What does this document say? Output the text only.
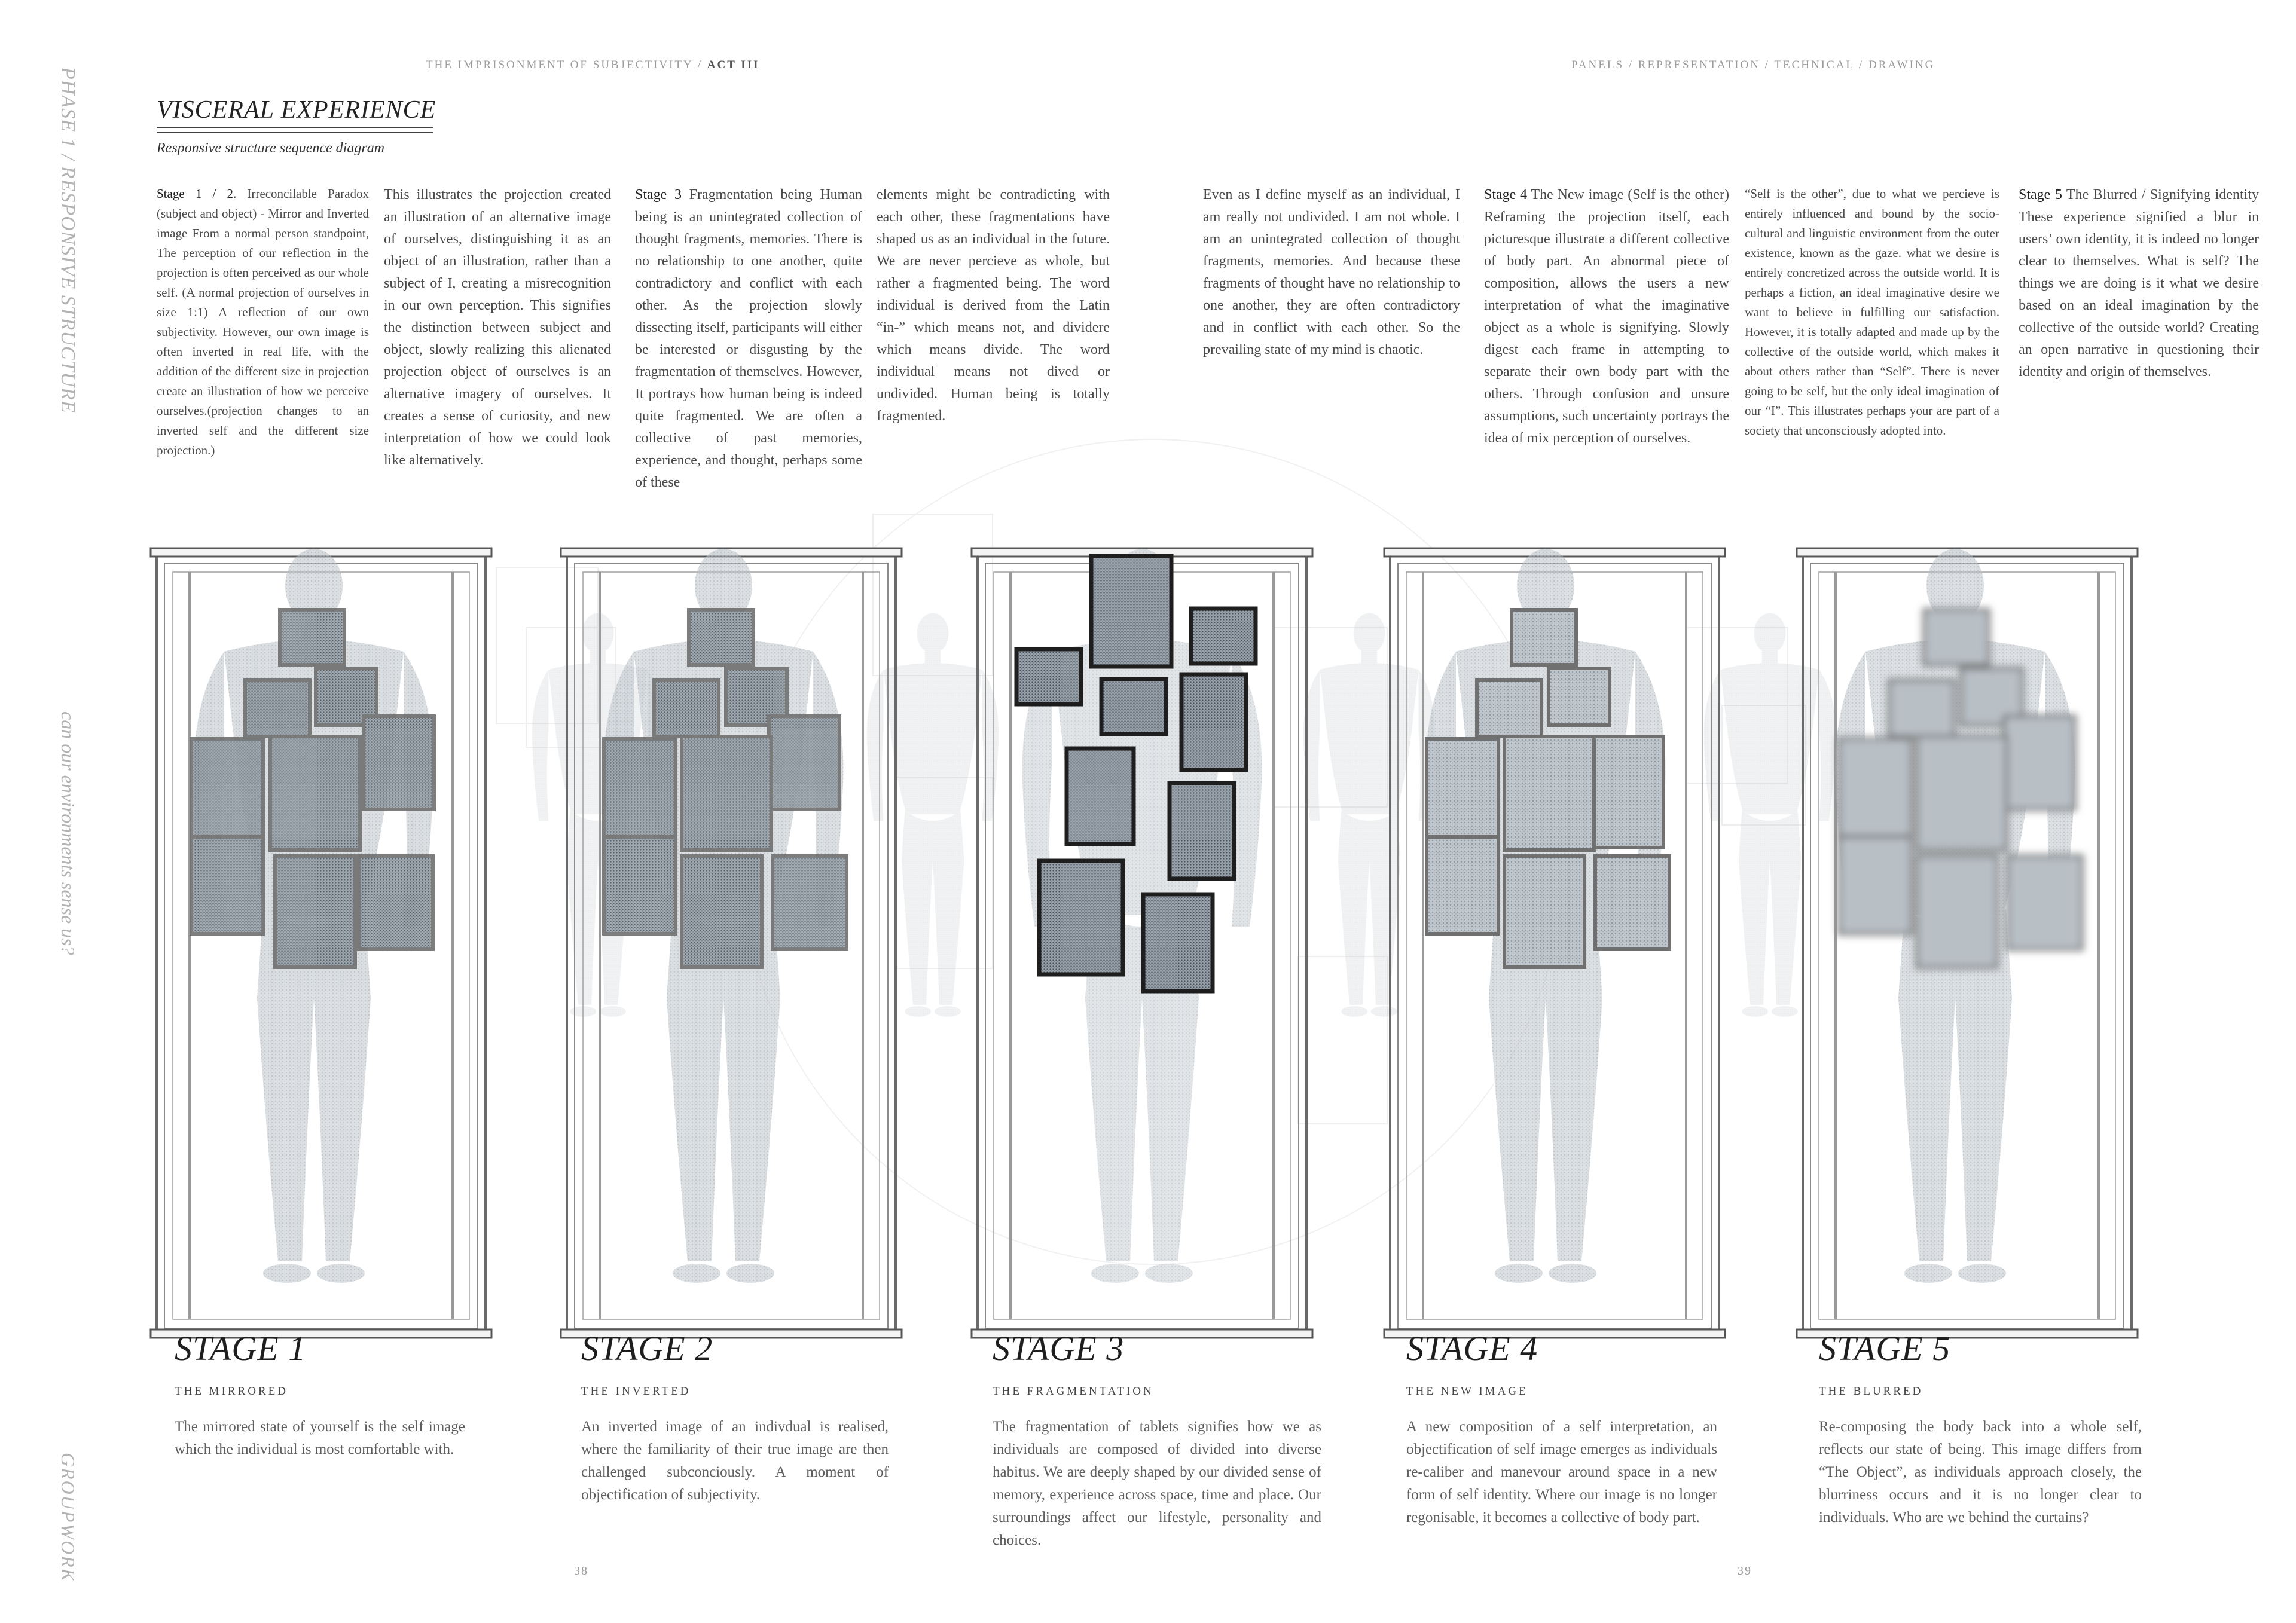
PHASE 1 / RESPONSIVE STRUCTURE
can our environments sense us?
GROUPWORK
THE IMPRISONMENT OF SUBJECTIVITY / ACT III	PANELS / REPRESENTATION / TECHNICAL / DRAWING
VISCERAL EXPERIENCE
Responsive structure sequence diagram
Stage 1 / 2. Irreconcilable Paradox (subject and object) - Mirror and Inverted image From a normal person standpoint, The perception of our reflection in the projection is often perceived as our whole self. (A normal projection of ourselves in size 1:1) A reflection of our own subjectivity. However, our own image is often inverted in real life, with the addition of the different size in projection create an illustration of how we perceive ourselves.(projection changes to an inverted self and the different size projection.)
This illustrates the projection created an illustration of an alternative image of ourselves, distinguishing it as an object of an illustration, rather than a subject of I, creating a misrecognition in our own perception. This signifies the distinction between subject and object, slowly realizing this alienated projection object of ourselves is an alternative imagery of ourselves. It creates a sense of curiosity, and new interpretation of how we could look like alternatively.
Stage 3 Fragmentation being Human being is an unintegrated collection of thought fragments, memories. There is no relationship to one another, quite contradictory and conflict with each other. As the projection slowly dissecting itself, participants will either be interested or disgusting by the fragmentation of themselves. However, It portrays how human being is indeed quite fragmented. We are often a collective of past memories, experience, and thought, perhaps some of these
elements might be contradicting with each other, these fragmentations have shaped us as an individual in the future. We are never percieve as whole, but rather a fragmented being. The word individual is derived from the Latin “in-” which means not, and dividere which means divide. The word individual means not dived or undivided. Human being is totally fragmented.
Even as I define myself as an individual, I am really not undivided. I am not whole. I am an unintegrated collection of thought fragments, memories. And because these fragments of thought have no relationship to one another, they are often contradictory and in conflict with each other. So the prevailing state of my mind is chaotic.
Stage 4 The New image (Self is the other) Reframing the projection itself, each picturesque illustrate a different collective of body part. An abnormal piece of composition, allows the users a new interpretation of what the imaginative object as a whole is signifying. Slowly digest each frame in attempting to separate their own body part with the others. Through confusion and unsure assumptions, such uncertainty portrays the idea of mix perception of ourselves.
“Self is the other”, due to what we percieve is entirely influenced and bound by the socio-cultural and linguistic environment from the outer existence, known as the gaze. what we desire is entirely concretized across the outside world. It is perhaps a fiction, an ideal imaginative desire we want to believe in fulfilling our satisfaction. However, it is totally adapted and made up by the collective of the outside world, which makes it about others rather than “Self”. There is never going to be self, but the only ideal imagination of our “I”. This illustrates perhaps your are part of a society that unconsciously adopted into.
Stage 5 The Blurred / Signifying identity These experience signified a blur in users’ own identity, it is indeed no longer clear to themselves. What is self? The things we are doing is it what we desire based on an ideal imagination by the collective of the outside world? Creating an open narrative in questioning their identity and origin of themselves.
STAGE 1
THE MIRRORED
The mirrored state of yourself is the self image which the individual is most comfortable with.
STAGE 2
THE INVERTED
An inverted image of an indivdual is realised, where the familiarity of their true image are then challenged subconciously. A moment of objectification of subjectivity.
STAGE 3
THE FRAGMENTATION
The fragmentation of tablets signifies how we as individuals are composed of divided into diverse habitus. We are deeply shaped by our divided sense of memory, experience across space, time and place. Our surroundings affect our lifestyle, personality and choices.
STAGE 4
THE NEW IMAGE
A new composition of a self interpretation, an objectification of self image emerges as individuals re-caliber and manevour around space in a new form of self identity. Where our image is no longer regonisable, it becomes a collective of body part.
STAGE 5
THE BLURRED
Re-composing the body back into a whole self, reflects our state of being. This image differs from “The Object”, as individuals approach closely, the blurriness occurs and it is no longer clear to individuals. Who are we behind the curtains?
38	39
